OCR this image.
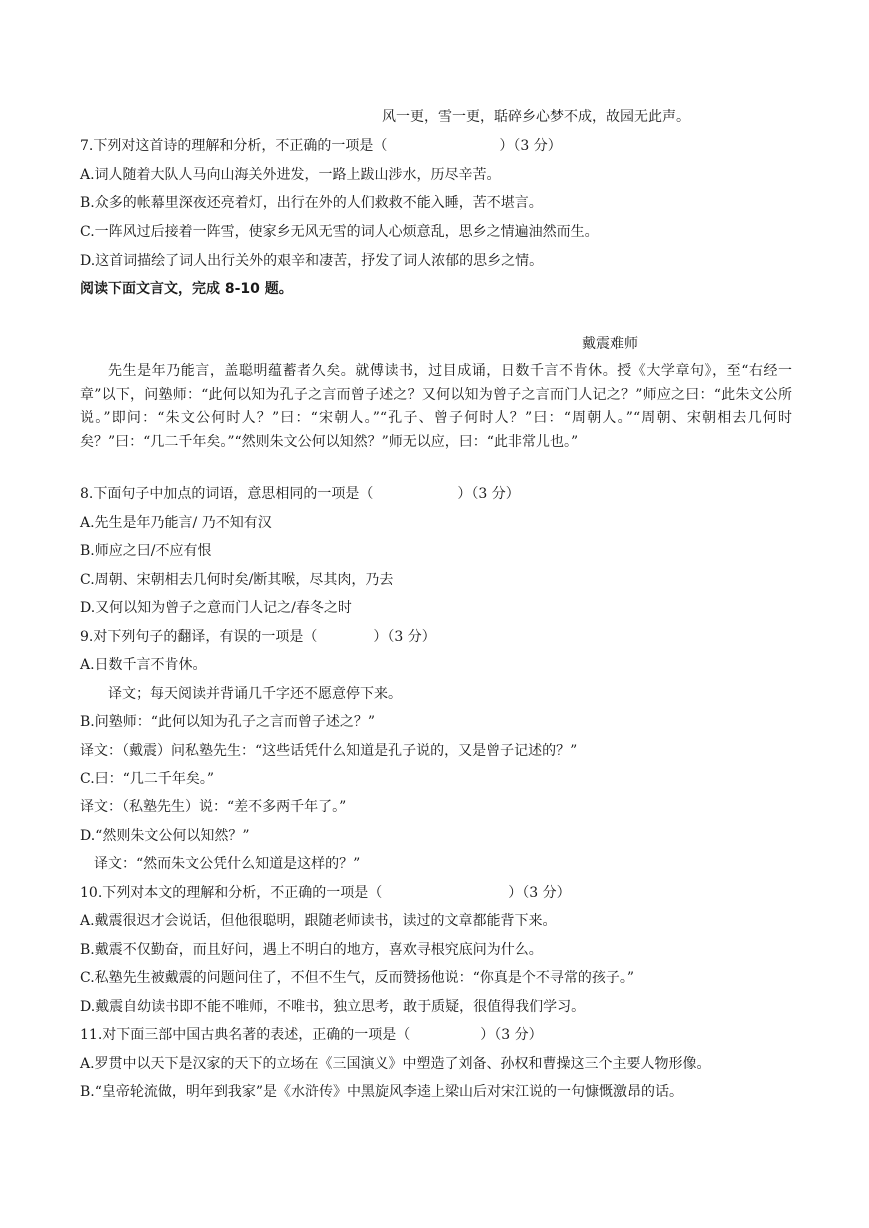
风一更，雪一更，聒碎乡心梦不成，故园无此声。
7.下列对这首诗的理解和分析，不正确的一项是（　　　　　　　　）（3 分）
A.词人随着大队人马向山海关外进发，一路上跋山涉水，历尽辛苦。
B.众多的帐幕里深夜还亮着灯，出行在外的人们救救不能入睡，苦不堪言。
C.一阵风过后接着一阵雪，使家乡无风无雪的词人心烦意乱，思乡之情遍油然而生。
D.这首词描绘了词人出行关外的艰辛和凄苦，抒发了词人浓郁的思乡之情。
阅读下面文言文，完成 8-10 题。
戴震难师
先生是年乃能言，盖聪明蕴蓄者久矣。就傅读书，过目成诵，日数千言不肯休。授《大学章句》，至“右经一章”以下，问塾师：“此何以知为孔子之言而曾子述之？又何以知为曾子之言而门人记之？”师应之曰：“此朱文公所说。”即问：“朱文公何时人？”曰：“宋朝人。”“孔子、曾子何时人？”曰：“周朝人。”“周朝、宋朝相去几何时矣？”曰：“几二千年矣。”“然则朱文公何以知然？”师无以应，曰：“此非常儿也。”
8.下面句子中加点的词语，意思相同的一项是（　　　　　　）（3 分）
A.先生是年乃能言/ 乃不知有汉
B.师应之曰/不应有恨
C.周朝、宋朝相去几何时矣/断其喉，尽其肉，乃去
D.又何以知为曾子之意而门人记之/春冬之时
9.对下列句子的翻译，有误的一项是（　　　　）（3 分）
A.日数千言不肯休。
译文；每天阅读并背诵几千字还不愿意停下来。
B.问塾师：“此何以知为孔子之言而曾子述之？”
译文：（戴震）问私塾先生：“这些话凭什么知道是孔子说的，又是曾子记述的？”
C.曰：“几二千年矣。”
译文：（私塾先生）说：“差不多两千年了。”
D.“然则朱文公何以知然？”
译文：“然而朱文公凭什么知道是这样的？”
10.下列对本文的理解和分析，不正确的一项是（　　　　　　　　　）（3 分）
A.戴震很迟才会说话，但他很聪明，跟随老师读书，读过的文章都能背下来。
B.戴震不仅勤奋，而且好问，遇上不明白的地方，喜欢寻根究底问为什么。
C.私塾先生被戴震的问题问住了，不但不生气，反而赞扬他说：“你真是个不寻常的孩子。”
D.戴震自幼读书即不能不唯师，不唯书，独立思考，敢于质疑，很值得我们学习。
11.对下面三部中国古典名著的表述，正确的一项是（　　　　　）（3 分）
A.罗贯中以天下是汉家的天下的立场在《三国演义》中塑造了刘备、孙权和曹操这三个主要人物形像。
B.“皇帝轮流做，明年到我家”是《水浒传》中黑旋风李逵上梁山后对宋江说的一句慷慨激昂的话。
